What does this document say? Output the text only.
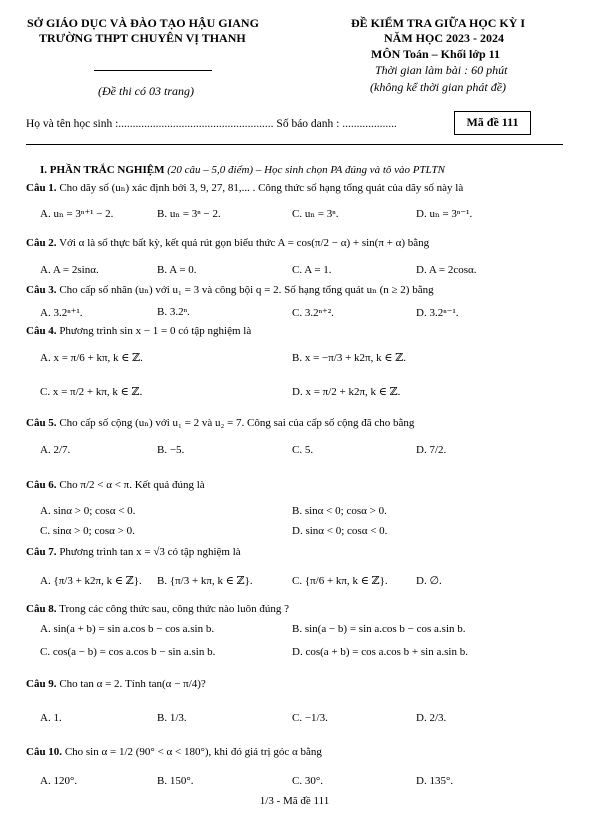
SỞ GIÁO DỤC VÀ ĐÀO TẠO HẬU GIANG
TRƯỜNG THPT CHUYÊN VỊ THANH
(Đề thi có 03 trang)
ĐỀ KIỂM TRA GIỮA HỌC KỲ I
NĂM HỌC 2023 - 2024
MÔN Toán – Khối lớp 11
Thời gian làm bài : 60 phút
(không kể thời gian phát đề)
Họ và tên học sinh :...................................................... Số báo danh : ...................	Mã đề 111
I. PHẦN TRẮC NGHIỆM (20 câu – 5,0 điểm) – Học sinh chọn PA đúng và tô vào PTLTN
Câu 1. Cho dãy số (uₙ) xác định bởi 3, 9, 27, 81,... . Công thức số hạng tổng quát của dãy số này là
A. uₙ = 3ⁿ⁺¹ − 2.	B. uₙ = 3ⁿ − 2.	C. uₙ = 3ⁿ.	D. uₙ = 3ⁿ⁻¹.
Câu 2. Với α là số thực bất kỳ, kết quả rút gọn biểu thức A = cos(π/2 − α) + sin(π + α) bằng
A. A = 2sinα.	B. A = 0.	C. A = 1.	D. A = 2cosα.
Câu 3. Cho cấp số nhân (uₙ) với u₁ = 3 và công bội q = 2. Số hạng tổng quát uₙ (n ≥ 2) bằng
A. 3.2ⁿ⁺¹.	B. 3.2ⁿ.	C. 3.2ⁿ⁺².	D. 3.2ⁿ⁻¹.
Câu 4. Phương trình sin x − 1 = 0 có tập nghiệm là
A. x = π/6 + kπ, k ∈ ℤ.	B. x = −π/3 + k2π, k ∈ ℤ.
C. x = π/2 + kπ, k ∈ ℤ.	D. x = π/2 + k2π, k ∈ ℤ.
Câu 5. Cho cấp số cộng (uₙ) với u₁ = 2 và u₂ = 7. Công sai của cấp số cộng đã cho bằng
A. 2/7.	B. −5.	C. 5.	D. 7/2.
Câu 6. Cho π/2 < α < π. Kết quả đúng là
A. sinα > 0; cosα < 0.	B. sinα < 0; cosα > 0.
C. sinα > 0; cosα > 0.	D. sinα < 0; cosα < 0.
Câu 7. Phương trình tan x = √3 có tập nghiệm là
A. {π/3 + k2π, k ∈ ℤ}. B. {π/3 + kπ, k ∈ ℤ}.	C. {π/6 + kπ, k ∈ ℤ}.	D. ∅.
Câu 8. Trong các công thức sau, công thức nào luôn đúng ?
A. sin(a + b) = sin a.cos b − cos a.sin b.	B. sin(a − b) = sin a.cos b − cos a.sin b.
C. cos(a − b) = cos a.cos b − sin a.sin b.	D. cos(a + b) = cos a.cos b + sin a.sin b.
Câu 9. Cho tan α = 2. Tính tan(α − π/4)?
A. 1.	B. 1/3.	C. −1/3.	D. 2/3.
Câu 10. Cho sin α = 1/2 (90° < α < 180°), khi đó giá trị góc α bằng
A. 120°.	B. 150°.	C. 30°.	D. 135°.
1/3 - Mã đề 111
